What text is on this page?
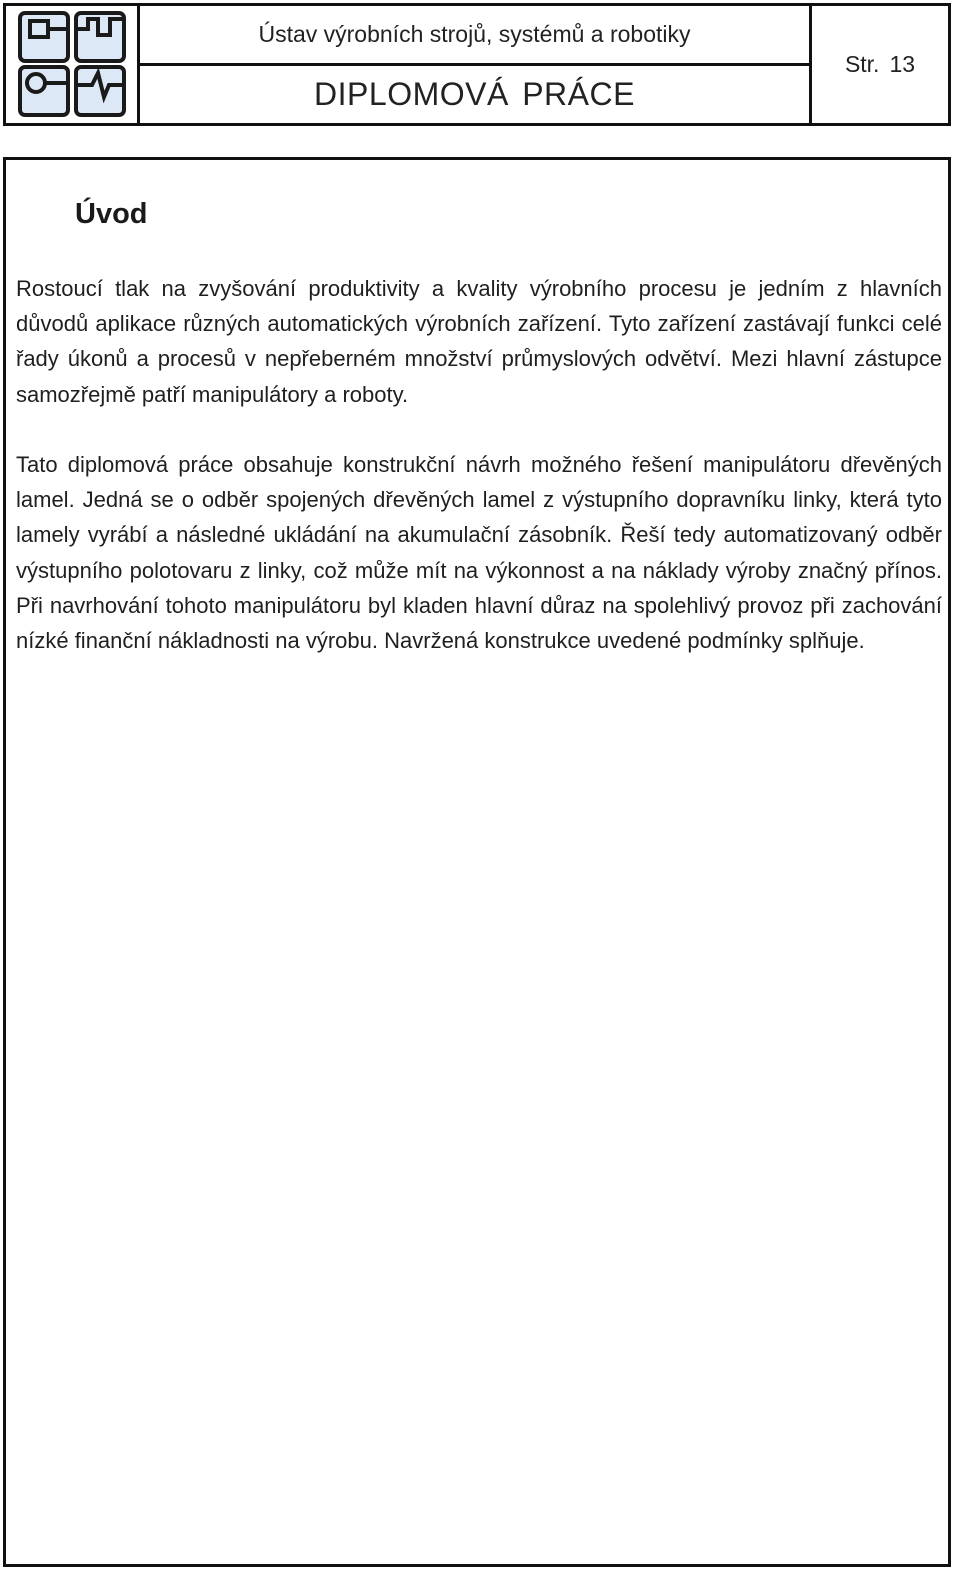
Ústav výrobních strojů, systémů a robotiky
DIPLOMOVÁ PRÁCE
Str. 13
Úvod

Rostoucí tlak na zvyšování produktivity a kvality výrobního procesu je jedním z hlavních důvodů aplikace různých automatických výrobních zařízení. Tyto zařízení zastávají funkci celé řady úkonů a procesů v nepřeberném množství průmyslových odvětví. Mezi hlavní zástupce samozřejmě patří manipulátory a roboty.

Tato diplomová práce obsahuje konstrukční návrh možného řešení manipulátoru dřevěných lamel. Jedná se o odběr spojených dřevěných lamel z výstupního dopravníku linky, která tyto lamely vyrábí a následné ukládání na akumulační zásobník. Řeší tedy automatizovaný odběr výstupního polotovaru z linky, což může mít na výkonnost a na náklady výroby značný přínos. Při navrhování tohoto manipulátoru byl kladen hlavní důraz na spolehlivý provoz při zachování nízké finanční nákladnosti na výrobu. Navržená konstrukce uvedené podmínky splňuje.
